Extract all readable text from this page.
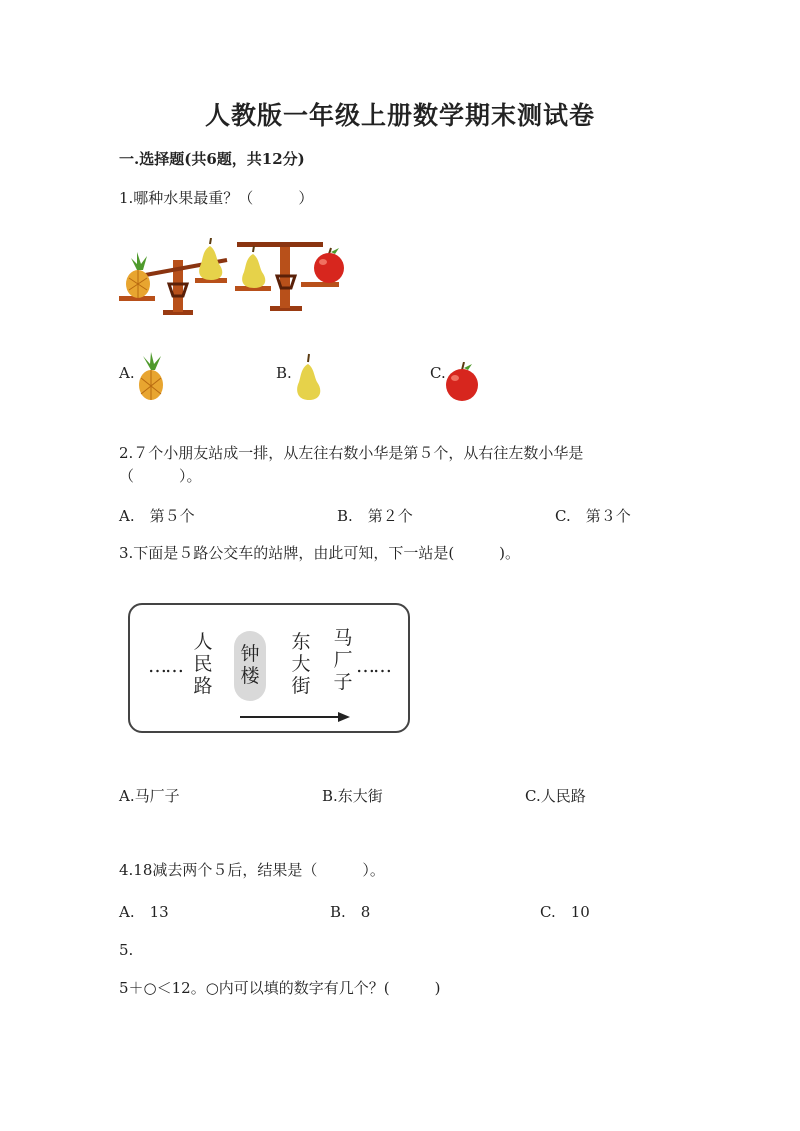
人教版一年级上册数学期末测试卷
一.选择题(共6题，共12分)
1.哪种水果最重？（　　　）
A.	B.	C.
2.７个小朋友站成一排，从左往右数小华是第５个，从右往左数小华是
（　　　）。
A.　第５个	B.　第２个	C.　第３个
3.下面是５路公交车的站牌，由此可知，下一站是(　　　)。
……
人
民
路
钟
楼
东
大
街
马
厂
子
……
A.马厂子	B.东大街	C.人民路
4.18减去两个５后，结果是（　　　）。
A.　13	B.　8	C.　10
5.
5＋○＜12。○内可以填的数字有几个？(　　　)
